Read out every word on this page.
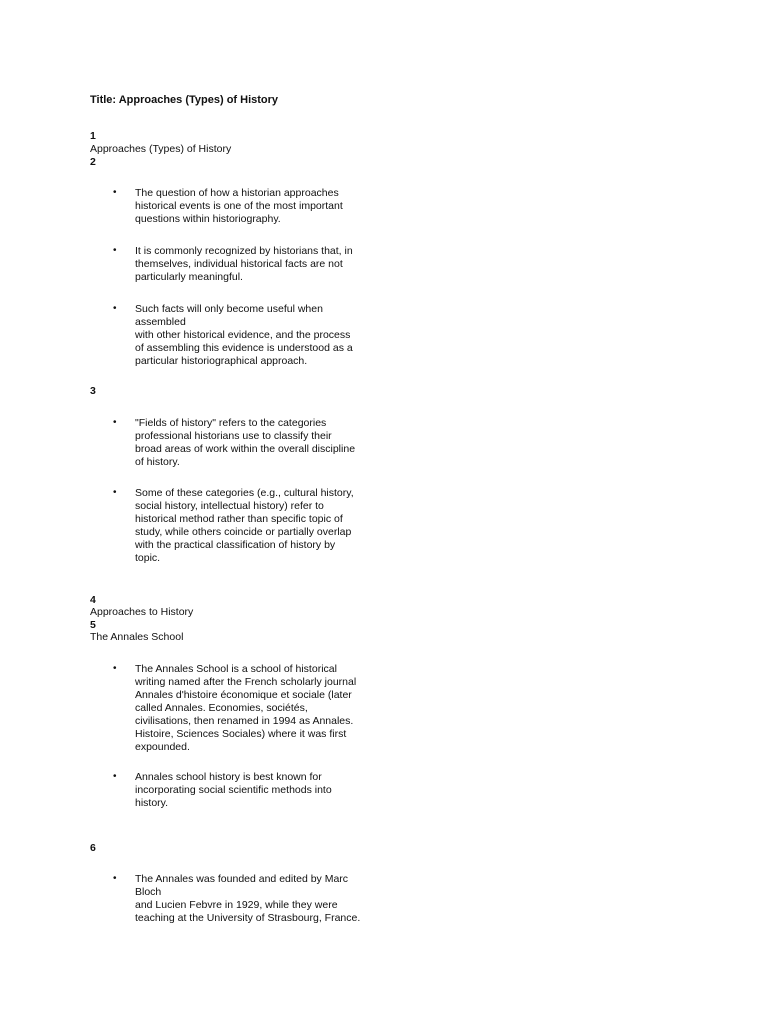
Title: Approaches (Types) of History
1
Approaches (Types) of History
2
• The question of how a historian approaches
historical events is one of the most important
questions within historiography.
• It is commonly recognized by historians that, in
themselves, individual historical facts are not
particularly meaningful.
• Such facts will only become useful when assembled
with other historical evidence, and the process
of assembling this evidence is understood as a
particular historiographical approach.
3
• "Fields of history" refers to the categories
professional historians use to classify their
broad areas of work within the overall discipline
of history.
• Some of these categories (e.g., cultural history,
social history, intellectual history) refer to
historical method rather than specific topic of
study, while others coincide or partially overlap
with the practical classification of history by
topic.
4
Approaches to History
5
The Annales School
• The Annales School is a school of historical
writing named after the French scholarly journal
Annales d'histoire économique et sociale (later
called Annales. Economies, sociétés,
civilisations, then renamed in 1994 as Annales.
Histoire, Sciences Sociales) where it was first
expounded.
• Annales school history is best known for
incorporating social scientific methods into
history.
6
• The Annales was founded and edited by Marc Bloch
and Lucien Febvre in 1929, while they were
teaching at the University of Strasbourg, France.
